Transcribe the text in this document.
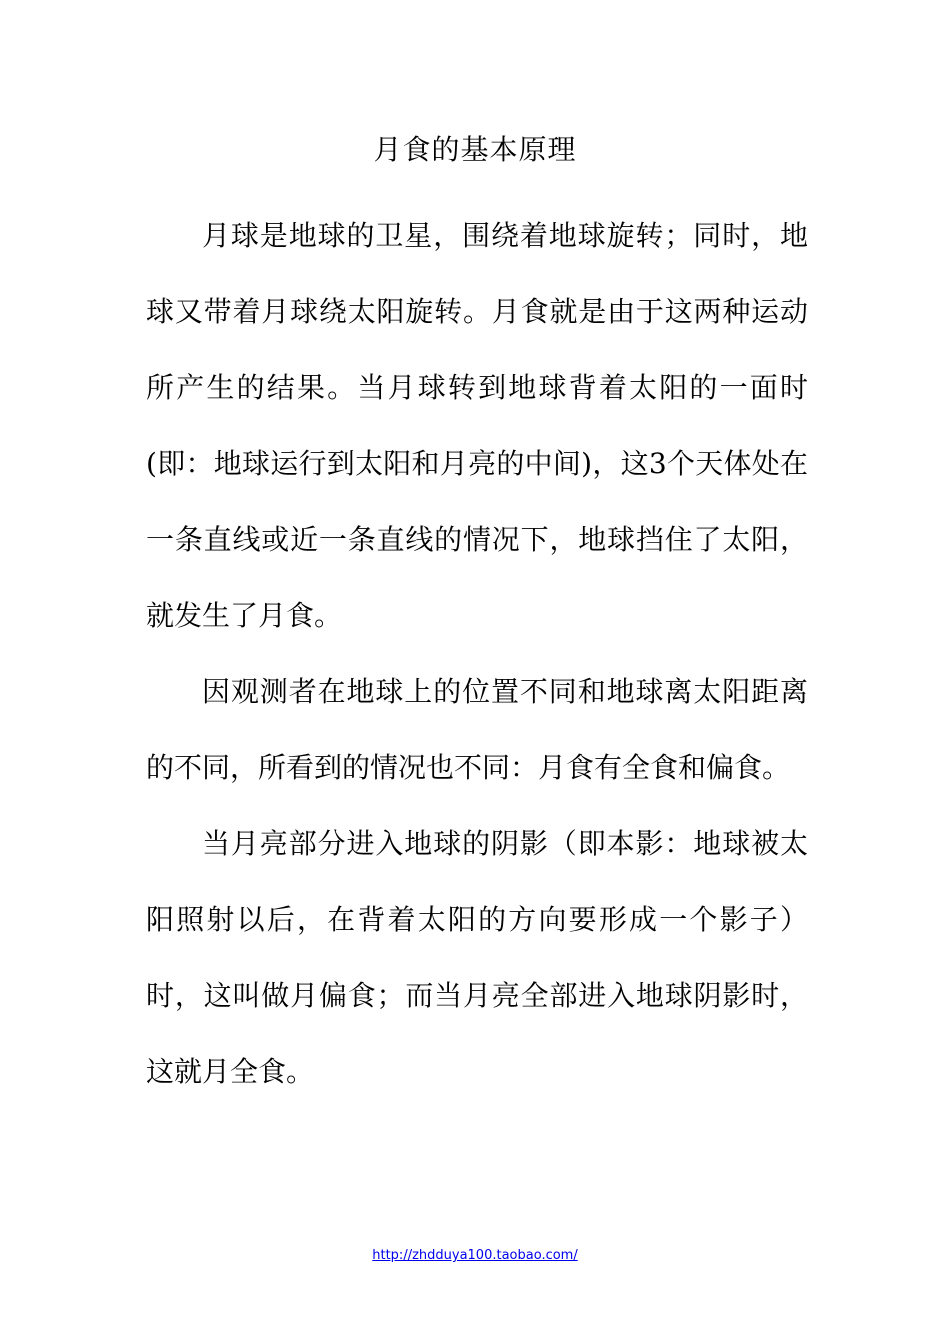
月食的基本原理

月球是地球的卫星，围绕着地球旋转；同时，地球又带着月球绕太阳旋转。月食就是由于这两种运动所产生的结果。当月球转到地球背着太阳的一面时(即：地球运行到太阳和月亮的中间)，这3个天体处在一条直线或近一条直线的情况下，地球挡住了太阳，就发生了月食。

因观测者在地球上的位置不同和地球离太阳距离的不同，所看到的情况也不同：月食有全食和偏食。

当月亮部分进入地球的阴影（即本影：地球被太阳照射以后，在背着太阳的方向要形成一个影子）时，这叫做月偏食；而当月亮全部进入地球阴影时，这就月全食。

http://zhdduya100.taobao.com/
